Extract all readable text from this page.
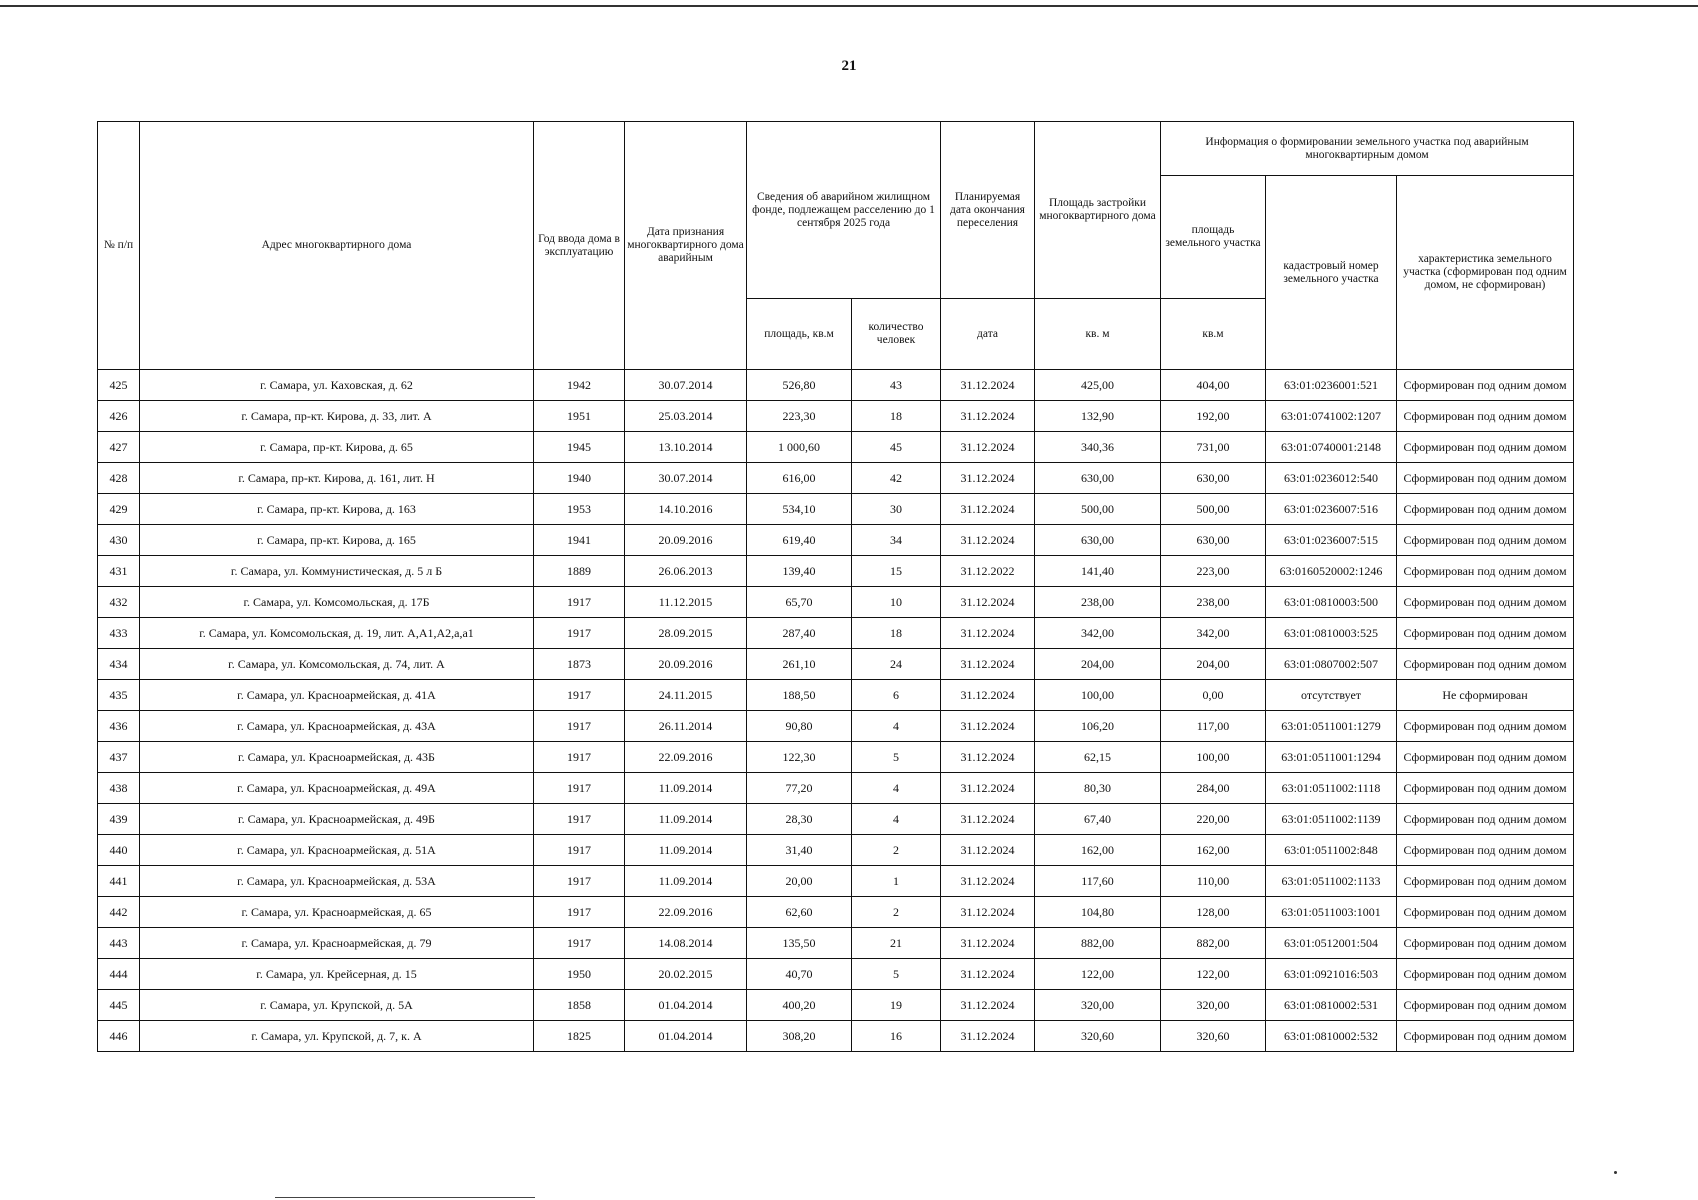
21
№ п/п	Адрес многоквартирного дома	Год ввода дома в эксплуатацию	Дата признания многоквартирного дома аварийным	Сведения об аварийном жилищном фонде, подлежащем расселению до 1 сентября 2025 года		Планируемая дата окончания переселения	Площадь застройки многоквартирного дома	Информация о формировании земельного участка под аварийным многоквартирным домом		
								площадь земельного участка	кадастровый номер земельного участка	характеристика земельного участка (сформирован под одним домом, не сформирован)
				площадь, кв.м	количество человек	дата	кв. м	кв.м		
425	г. Самара, ул. Каховская, д. 62	1942	30.07.2014	526,80	43	31.12.2024	425,00	404,00	63:01:0236001:521	Сформирован под одним домом
426	г. Самара, пр-кт. Кирова, д. 33, лит. А	1951	25.03.2014	223,30	18	31.12.2024	132,90	192,00	63:01:0741002:1207	Сформирован под одним домом
427	г. Самара, пр-кт. Кирова, д. 65	1945	13.10.2014	1 000,60	45	31.12.2024	340,36	731,00	63:01:0740001:2148	Сформирован под одним домом
428	г. Самара, пр-кт. Кирова, д. 161, лит. Н	1940	30.07.2014	616,00	42	31.12.2024	630,00	630,00	63:01:0236012:540	Сформирован под одним домом
429	г. Самара, пр-кт. Кирова, д. 163	1953	14.10.2016	534,10	30	31.12.2024	500,00	500,00	63:01:0236007:516	Сформирован под одним домом
430	г. Самара, пр-кт. Кирова, д. 165	1941	20.09.2016	619,40	34	31.12.2024	630,00	630,00	63:01:0236007:515	Сформирован под одним домом
431	г. Самара, ул. Коммунистическая, д. 5 л Б	1889	26.06.2013	139,40	15	31.12.2022	141,40	223,00	63:0160520002:1246	Сформирован под одним домом
432	г. Самара, ул. Комсомольская, д. 17Б	1917	11.12.2015	65,70	10	31.12.2024	238,00	238,00	63:01:0810003:500	Сформирован под одним домом
433	г. Самара, ул. Комсомольская, д. 19, лит. А,А1,А2,а,а1	1917	28.09.2015	287,40	18	31.12.2024	342,00	342,00	63:01:0810003:525	Сформирован под одним домом
434	г. Самара, ул. Комсомольская, д. 74, лит. А	1873	20.09.2016	261,10	24	31.12.2024	204,00	204,00	63:01:0807002:507	Сформирован под одним домом
435	г. Самара, ул. Красноармейская, д. 41А	1917	24.11.2015	188,50	6	31.12.2024	100,00	0,00	отсутствует	Не сформирован
436	г. Самара, ул. Красноармейская, д. 43А	1917	26.11.2014	90,80	4	31.12.2024	106,20	117,00	63:01:0511001:1279	Сформирован под одним домом
437	г. Самара, ул. Красноармейская, д. 43Б	1917	22.09.2016	122,30	5	31.12.2024	62,15	100,00	63:01:0511001:1294	Сформирован под одним домом
438	г. Самара, ул. Красноармейская, д. 49А	1917	11.09.2014	77,20	4	31.12.2024	80,30	284,00	63:01:0511002:1118	Сформирован под одним домом
439	г. Самара, ул. Красноармейская, д. 49Б	1917	11.09.2014	28,30	4	31.12.2024	67,40	220,00	63:01:0511002:1139	Сформирован под одним домом
440	г. Самара, ул. Красноармейская, д. 51А	1917	11.09.2014	31,40	2	31.12.2024	162,00	162,00	63:01:0511002:848	Сформирован под одним домом
441	г. Самара, ул. Красноармейская, д. 53А	1917	11.09.2014	20,00	1	31.12.2024	117,60	110,00	63:01:0511002:1133	Сформирован под одним домом
442	г. Самара, ул. Красноармейская, д. 65	1917	22.09.2016	62,60	2	31.12.2024	104,80	128,00	63:01:0511003:1001	Сформирован под одним домом
443	г. Самара, ул. Красноармейская, д. 79	1917	14.08.2014	135,50	21	31.12.2024	882,00	882,00	63:01:0512001:504	Сформирован под одним домом
444	г. Самара, ул. Крейсерная, д. 15	1950	20.02.2015	40,70	5	31.12.2024	122,00	122,00	63:01:0921016:503	Сформирован под одним домом
445	г. Самара, ул. Крупской, д. 5А	1858	01.04.2014	400,20	19	31.12.2024	320,00	320,00	63:01:0810002:531	Сформирован под одним домом
446	г. Самара, ул. Крупской, д. 7, к. А	1825	01.04.2014	308,20	16	31.12.2024	320,60	320,60	63:01:0810002:532	Сформирован под одним домом
